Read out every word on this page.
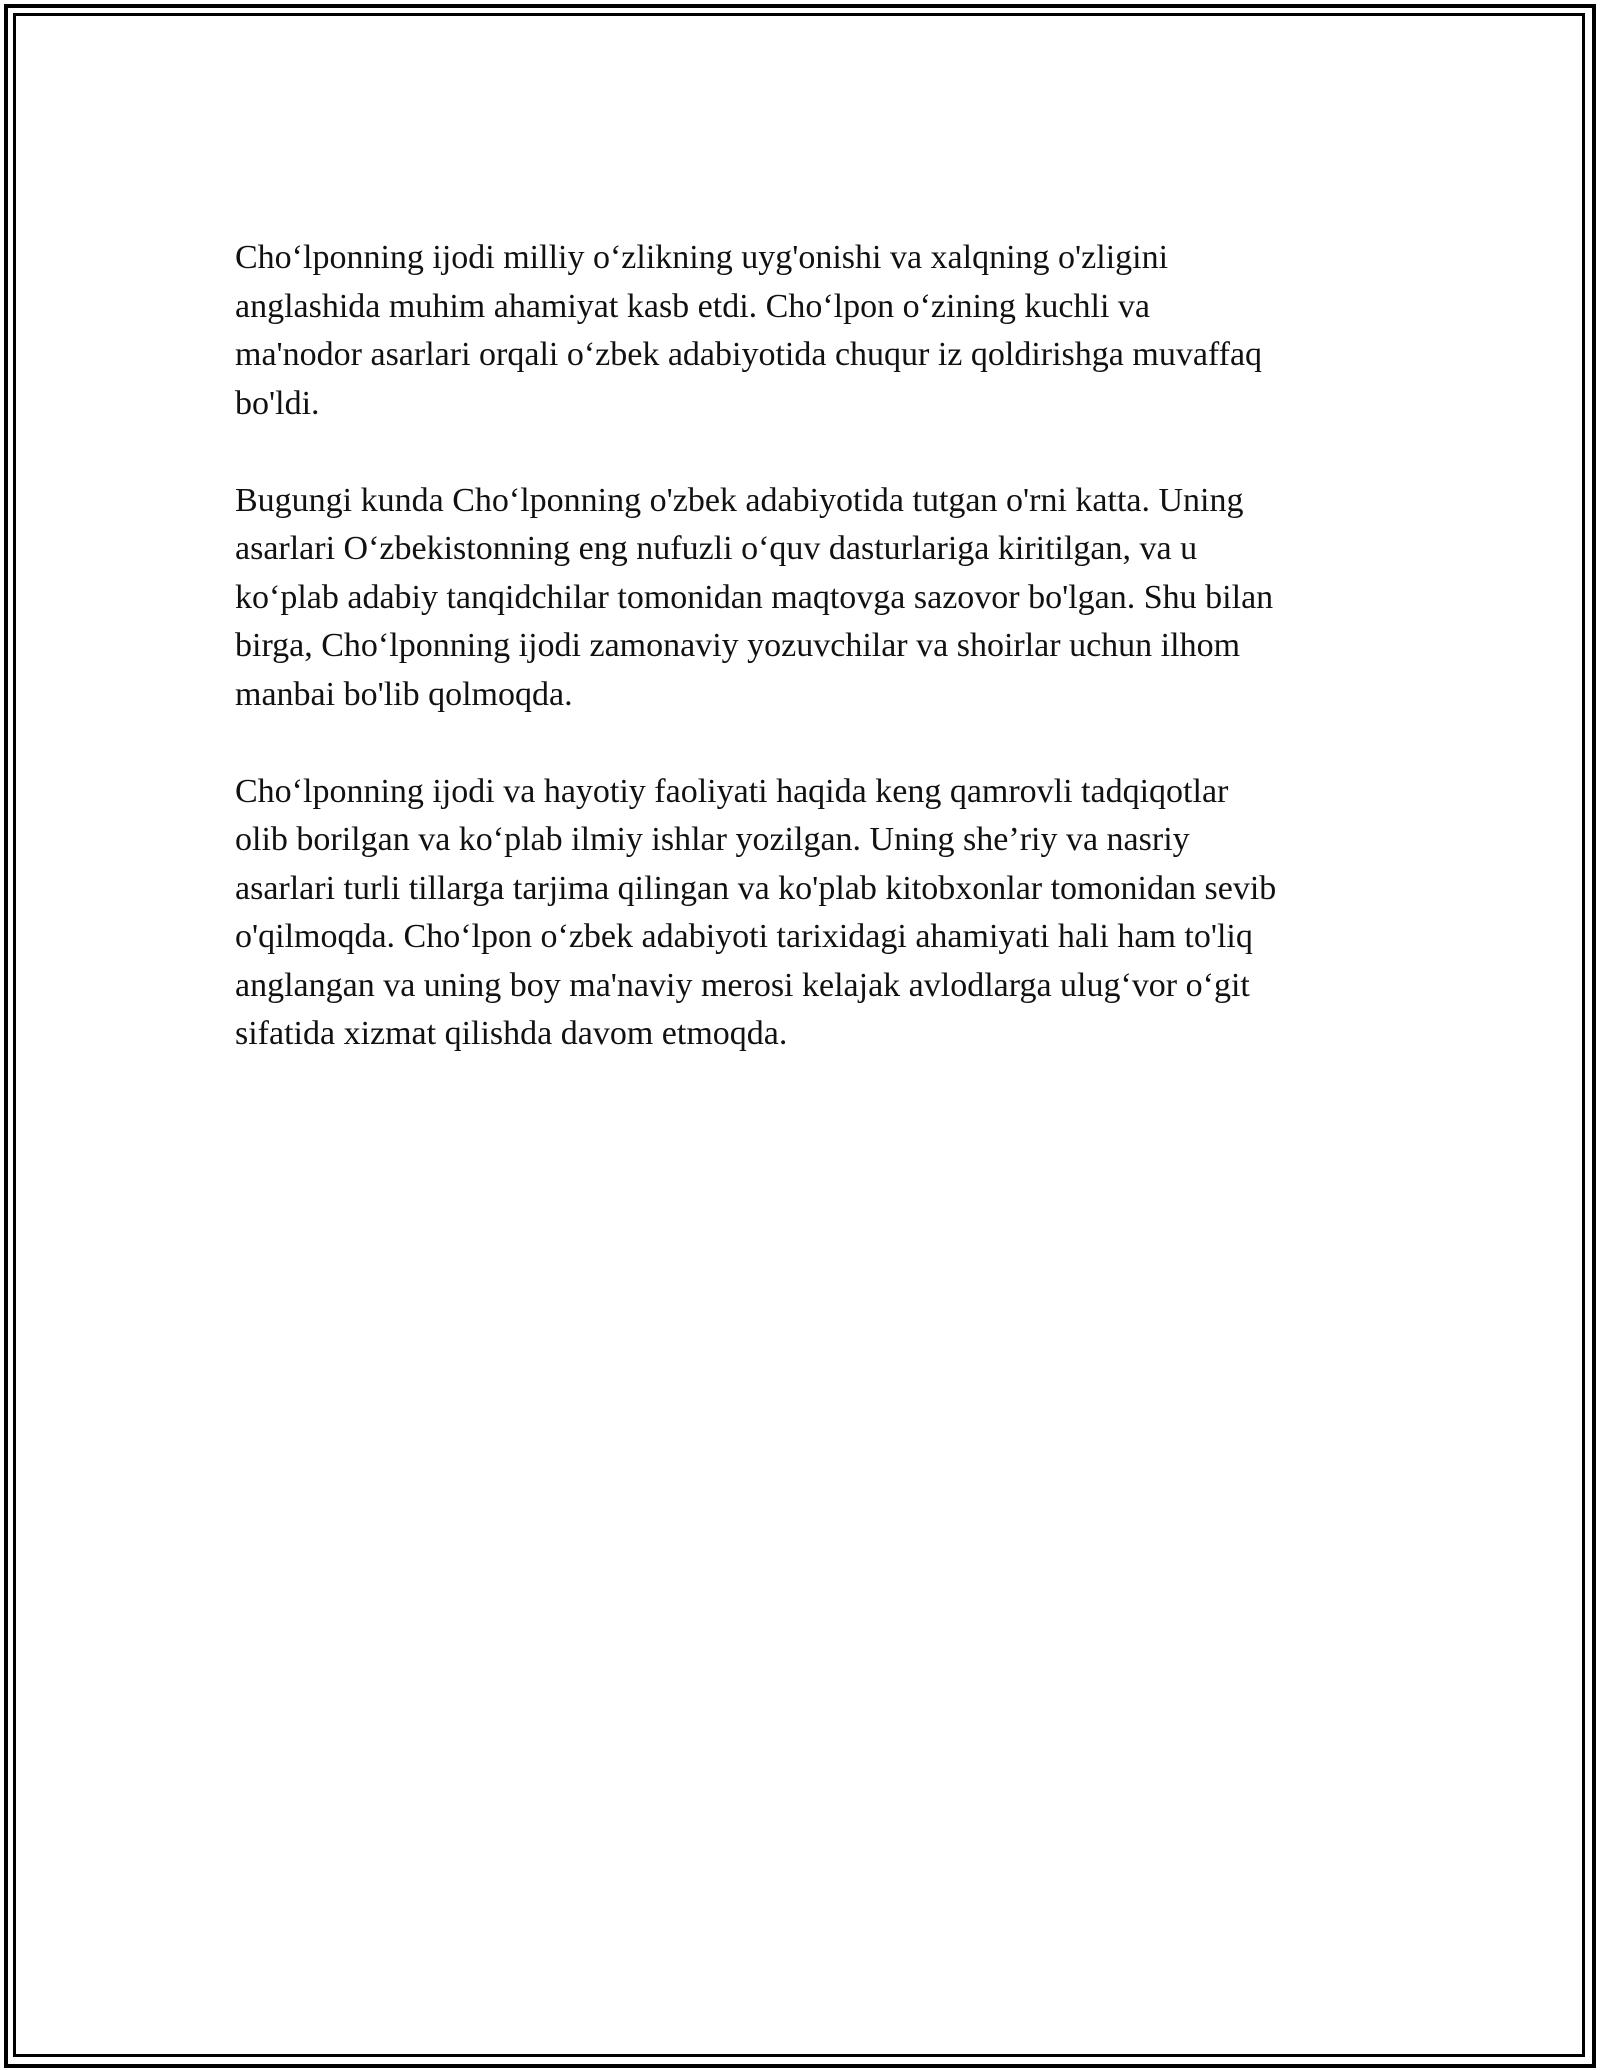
Cho‘lponning ijodi milliy o‘zlikning uyg'onishi va xalqning o'zligini
anglashida muhim ahamiyat kasb etdi. Cho‘lpon o‘zining kuchli va
ma'nodor asarlari orqali o‘zbek adabiyotida chuqur iz qoldirishga muvaffaq
bo'ldi.

Bugungi kunda Cho‘lponning o'zbek adabiyotida tutgan o'rni katta. Uning
asarlari O‘zbekistonning eng nufuzli o‘quv dasturlariga kiritilgan, va u
ko‘plab adabiy tanqidchilar tomonidan maqtovga sazovor bo'lgan. Shu bilan
birga, Cho‘lponning ijodi zamonaviy yozuvchilar va shoirlar uchun ilhom
manbai bo'lib qolmoqda.

Cho‘lponning ijodi va hayotiy faoliyati haqida keng qamrovli tadqiqotlar
olib borilgan va ko‘plab ilmiy ishlar yozilgan. Uning she’riy va nasriy
asarlari turli tillarga tarjima qilingan va ko'plab kitobxonlar tomonidan sevib
o'qilmoqda. Cho‘lpon o‘zbek adabiyoti tarixidagi ahamiyati hali ham to'liq
anglangan va uning boy ma'naviy merosi kelajak avlodlarga ulug‘vor o‘git
sifatida xizmat qilishda davom etmoqda.
